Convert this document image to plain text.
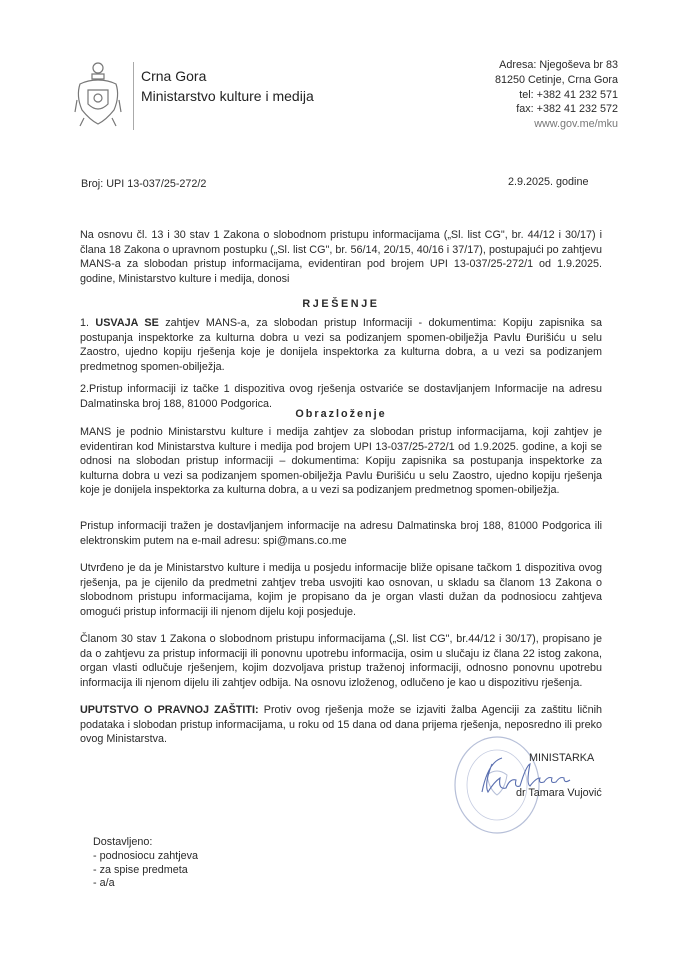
Crna Gora
Ministarstvo kulture i medija
Adresa: Njegoševa br 83
81250 Cetinje, Crna Gora
tel: +382 41 232 571
fax: +382 41 232 572
www.gov.me/mku
Broj: UPI 13-037/25-272/2	2.9.2025. godine
Na osnovu čl. 13 i 30 stav 1 Zakona o slobodnom pristupu informacijama („Sl. list CG", br. 44/12 i 30/17) i člana 18 Zakona o upravnom postupku („Sl. list CG", br. 56/14, 20/15, 40/16 i 37/17), postupajući po zahtjevu MANS-a za slobodan pristup informacijama, evidentiran pod brojem UPI 13-037/25-272/1 od 1.9.2025. godine, Ministarstvo kulture i medija, donosi
RJEŠENJE
1. USVAJA SE zahtjev MANS-a, za slobodan pristup Informaciji - dokumentima: Kopiju zapisnika sa postupanja inspektorke za kulturna dobra u vezi sa podizanjem spomen-obilježja Pavlu Đurišiću u selu Zaostro, ujedno kopiju rješenja koje je donijela inspektorka za kulturna dobra, a u vezi sa podizanjem predmetnog spomen-obilježja.
2.Pristup informaciji iz tačke 1 dispozitiva ovog rješenja ostvariće se dostavljanjem Informacije na adresu Dalmatinska broj 188, 81000 Podgorica.
Obrazloženje
MANS je podnio Ministarstvu kulture i medija zahtjev za slobodan pristup informacijama, koji zahtjev je evidentiran kod Ministarstva kulture i medija pod brojem UPI 13-037/25-272/1 od 1.9.2025. godine, a koji se odnosi na slobodan pristup informaciji – dokumentima: Kopiju zapisnika sa postupanja inspektorke za kulturna dobra u vezi sa podizanjem spomen-obilježja Pavlu Đurišiću u selu Zaostro, ujedno kopiju rješenja koje je donijela inspektorka za kulturna dobra, a u vezi sa podizanjem predmetnog spomen-obilježja.
Pristup informaciji tražen je dostavljanjem informacije na adresu Dalmatinska broj 188, 81000 Podgorica ili elektronskim putem na e-mail adresu: spi@mans.co.me
Utvrđeno je da je Ministarstvo kulture i medija u posjedu informacije bliže opisane tačkom 1 dispozitiva ovog rješenja, pa je cijenilo da predmetni zahtjev treba usvojiti kao osnovan, u skladu sa članom 13 Zakona o slobodnom pristupu informacijama, kojim je propisano da je organ vlasti dužan da podnosiocu zahtjeva omogući pristup informaciji ili njenom dijelu koji posjeduje.
Članom 30 stav 1 Zakona o slobodnom pristupu informacijama („Sl. list CG", br.44/12 i 30/17), propisano je da o zahtjevu za pristup informaciji ili ponovnu upotrebu informacija, osim u slučaju iz člana 22 istog zakona, organ vlasti odlučuje rješenjem, kojim dozvoljava pristup traženoj informaciji, odnosno ponovnu upotrebu informacija ili njenom dijelu ili zahtjev odbija. Na osnovu izloženog, odlučeno je kao u dispozitivu rješenja.
UPUTSTVO O PRAVNOJ ZAŠTITI: Protiv ovog rješenja može se izjaviti žalba Agenciji za zaštitu ličnih podataka i slobodan pristup informacijama, u roku od 15 dana od dana prijema rješenja, neposredno ili preko ovog Ministarstva.
MINISTARKA
dr Tamara Vujović
Dostavljeno:
- podnosiocu zahtjeva
- za spise predmeta
- a/a
